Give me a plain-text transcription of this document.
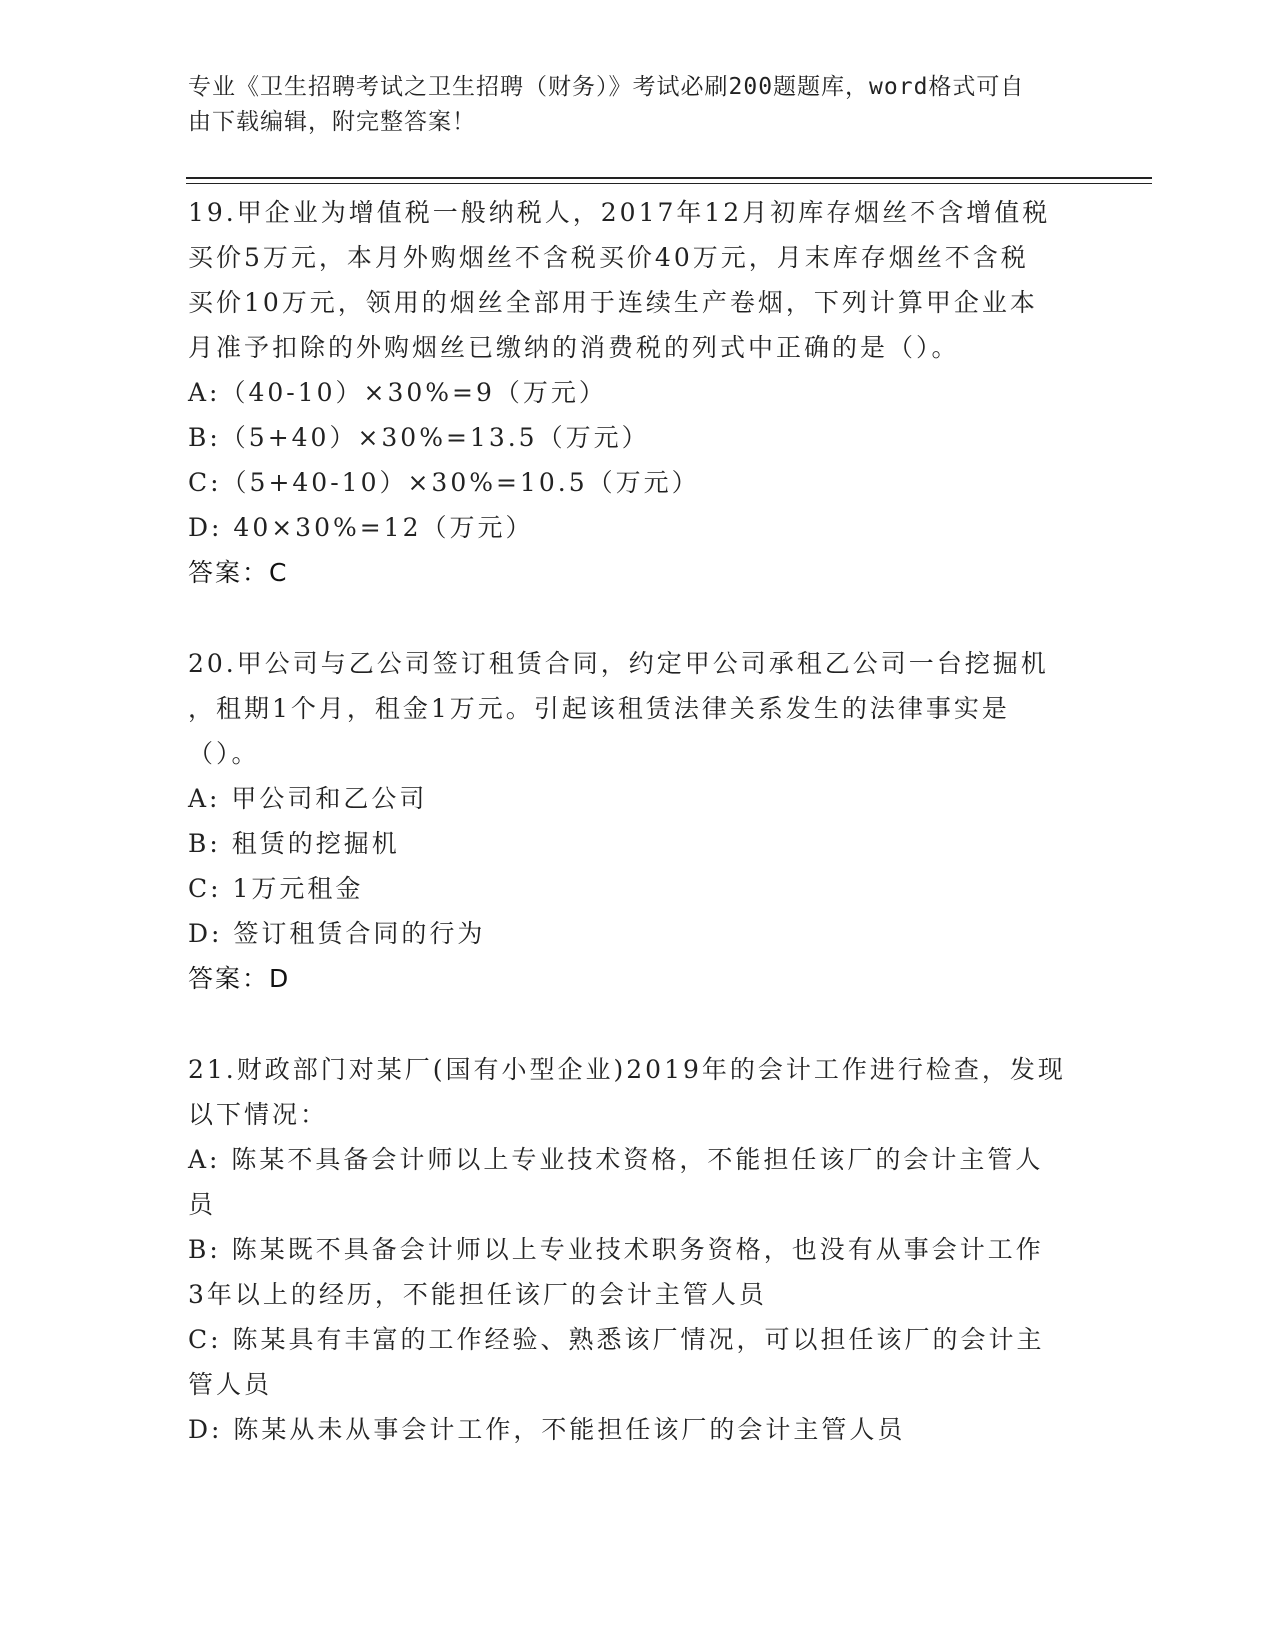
专业《卫生招聘考试之卫生招聘（财务）》考试必刷200题题库，word格式可自
由下载编辑，附完整答案！

19.甲企业为增值税一般纳税人，2017年12月初库存烟丝不含增值税

买价5万元，本月外购烟丝不含税买价40万元，月末库存烟丝不含税

买价10万元，领用的烟丝全部用于连续生产卷烟，下列计算甲企业本

月准予扣除的外购烟丝已缴纳的消费税的列式中正确的是（）。

A:（40-10）×30%=9（万元）

B:（5+40）×30%=13.5（万元）

C:（5+40-10）×30%=10.5（万元）

D: 40×30%=12（万元）

答案：C

20.甲公司与乙公司签订租赁合同，约定甲公司承租乙公司一台挖掘机

，租期1个月，租金1万元。引起该租赁法律关系发生的法律事实是

（）。

A: 甲公司和乙公司

B: 租赁的挖掘机

C: 1万元租金

D: 签订租赁合同的行为

答案：D

21.财政部门对某厂(国有小型企业)2019年的会计工作进行检查，发现

以下情况：

A: 陈某不具备会计师以上专业技术资格，不能担任该厂的会计主管人

员

B: 陈某既不具备会计师以上专业技术职务资格，也没有从事会计工作

3年以上的经历，不能担任该厂的会计主管人员

C: 陈某具有丰富的工作经验、熟悉该厂情况，可以担任该厂的会计主

管人员

D: 陈某从未从事会计工作，不能担任该厂的会计主管人员
